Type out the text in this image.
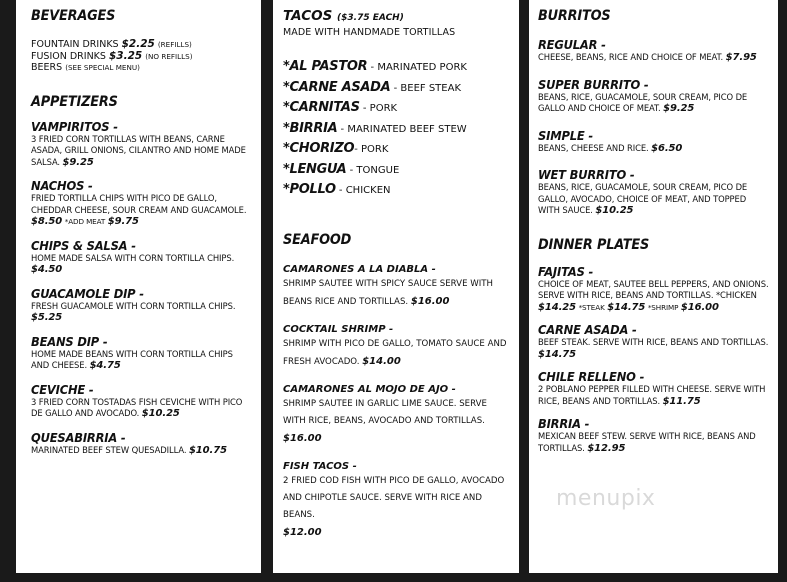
BEVERAGES
FOUNTAIN DRINKS $2.25 (REFILLS)
FUSION DRINKS $3.25 (NO REFILLS)
BEERS (SEE SPECIAL MENU)
APPETIZERS
VAMPIRITOS -
3 FRIED CORN TORTILLAS WITH BEANS, CARNE ASADA, GRILL ONIONS, CILANTRO AND HOME MADE SALSA. $9.25
NACHOS -
FRIED TORTILLA CHIPS WITH PICO DE GALLO, CHEDDAR CHEESE, SOUR CREAM AND GUACAMOLE.
$8.50 *ADD MEAT $9.75
CHIPS & SALSA -
HOME MADE SALSA WITH CORN TORTILLA CHIPS.
$4.50
GUACAMOLE DIP -
FRESH GUACAMOLE WITH CORN TORTILLA CHIPS.
$5.25
BEANS DIP -
HOME MADE BEANS WITH CORN TORTILLA CHIPS AND CHEESE. $4.75
CEVICHE -
3 FRIED CORN TOSTADAS FISH CEVICHE WITH PICO DE GALLO AND AVOCADO. $10.25
QUESABIRRIA -
MARINATED BEEF STEW QUESADILLA. $10.75
TACOS ($3.75 EACH)
MADE WITH HANDMADE TORTILLAS
*AL PASTOR - MARINATED PORK
*CARNE ASADA - BEEF STEAK
*CARNITAS - PORK
*BIRRIA - MARINATED BEEF STEW
*CHORIZO- PORK
*LENGUA - TONGUE
*POLLO - CHICKEN
SEAFOOD
CAMARONES A LA DIABLA -
SHRIMP SAUTEE WITH SPICY SAUCE SERVE WITH BEANS RICE AND TORTILLAS. $16.00
COCKTAIL SHRIMP -
SHRIMP WITH PICO DE GALLO, TOMATO SAUCE AND FRESH AVOCADO. $14.00
CAMARONES AL MOJO DE AJO -
SHRIMP SAUTEE IN GARLIC LIME SAUCE. SERVE WITH RICE, BEANS, AVOCADO AND TORTILLAS. $16.00
FISH TACOS -
2 FRIED COD FISH WITH PICO DE GALLO, AVOCADO AND CHIPOTLE SAUCE. SERVE WITH RICE AND BEANS.
$12.00
BURRITOS
REGULAR -
CHEESE, BEANS, RICE AND CHOICE OF MEAT. $7.95
SUPER BURRITO -
BEANS, RICE, GUACAMOLE, SOUR CREAM, PICO DE GALLO AND CHOICE OF MEAT. $9.25
SIMPLE -
BEANS, CHEESE AND RICE. $6.50
WET BURRITO -
BEANS, RICE, GUACAMOLE, SOUR CREAM, PICO DE GALLO, AVOCADO, CHOICE OF MEAT, AND TOPPED WITH SAUCE. $10.25
DINNER PLATES
FAJITAS -
CHOICE OF MEAT, SAUTEE BELL PEPPERS, AND ONIONS. SERVE WITH RICE, BEANS AND TORTILLAS. *CHICKEN
$14.25 *STEAK $14.75 *SHRIMP $16.00
CARNE ASADA -
BEEF STEAK. SERVE WITH RICE, BEANS AND TORTILLAS.
$14.75
CHILE RELLENO -
2 POBLANO PEPPER FILLED WITH CHEESE. SERVE WITH RICE, BEANS AND TORTILLAS. $11.75
BIRRIA -
MEXICAN BEEF STEW. SERVE WITH RICE, BEANS AND TORTILLAS. $12.95
menupix
